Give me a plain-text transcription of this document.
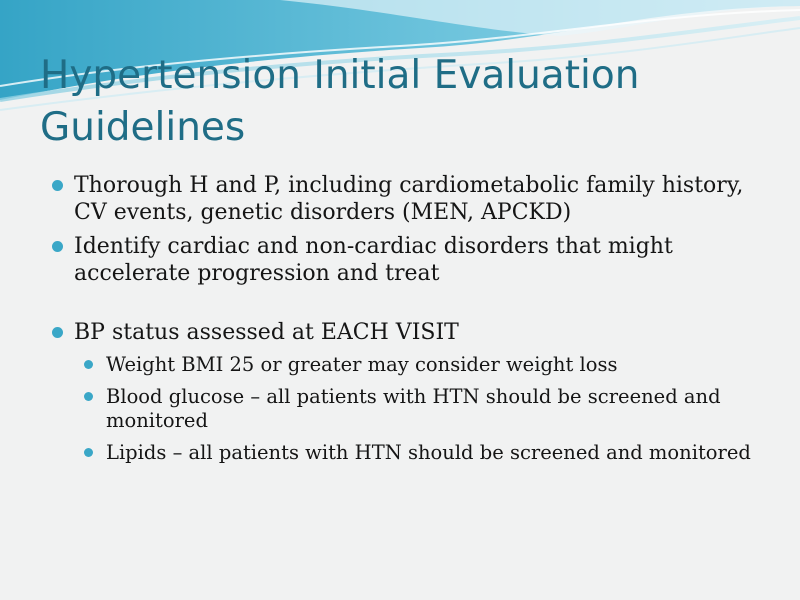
Hypertension Initial Evaluation Guidelines
Thorough H and P, including cardiometabolic family history, CV events, genetic disorders (MEN, APCKD)
Identify cardiac and non-cardiac disorders that might accelerate progression and treat
BP status assessed at EACH VISIT
Weight BMI 25 or greater may consider weight loss
Blood glucose – all patients with HTN should be screened and monitored
Lipids – all patients with HTN should be screened and monitored
